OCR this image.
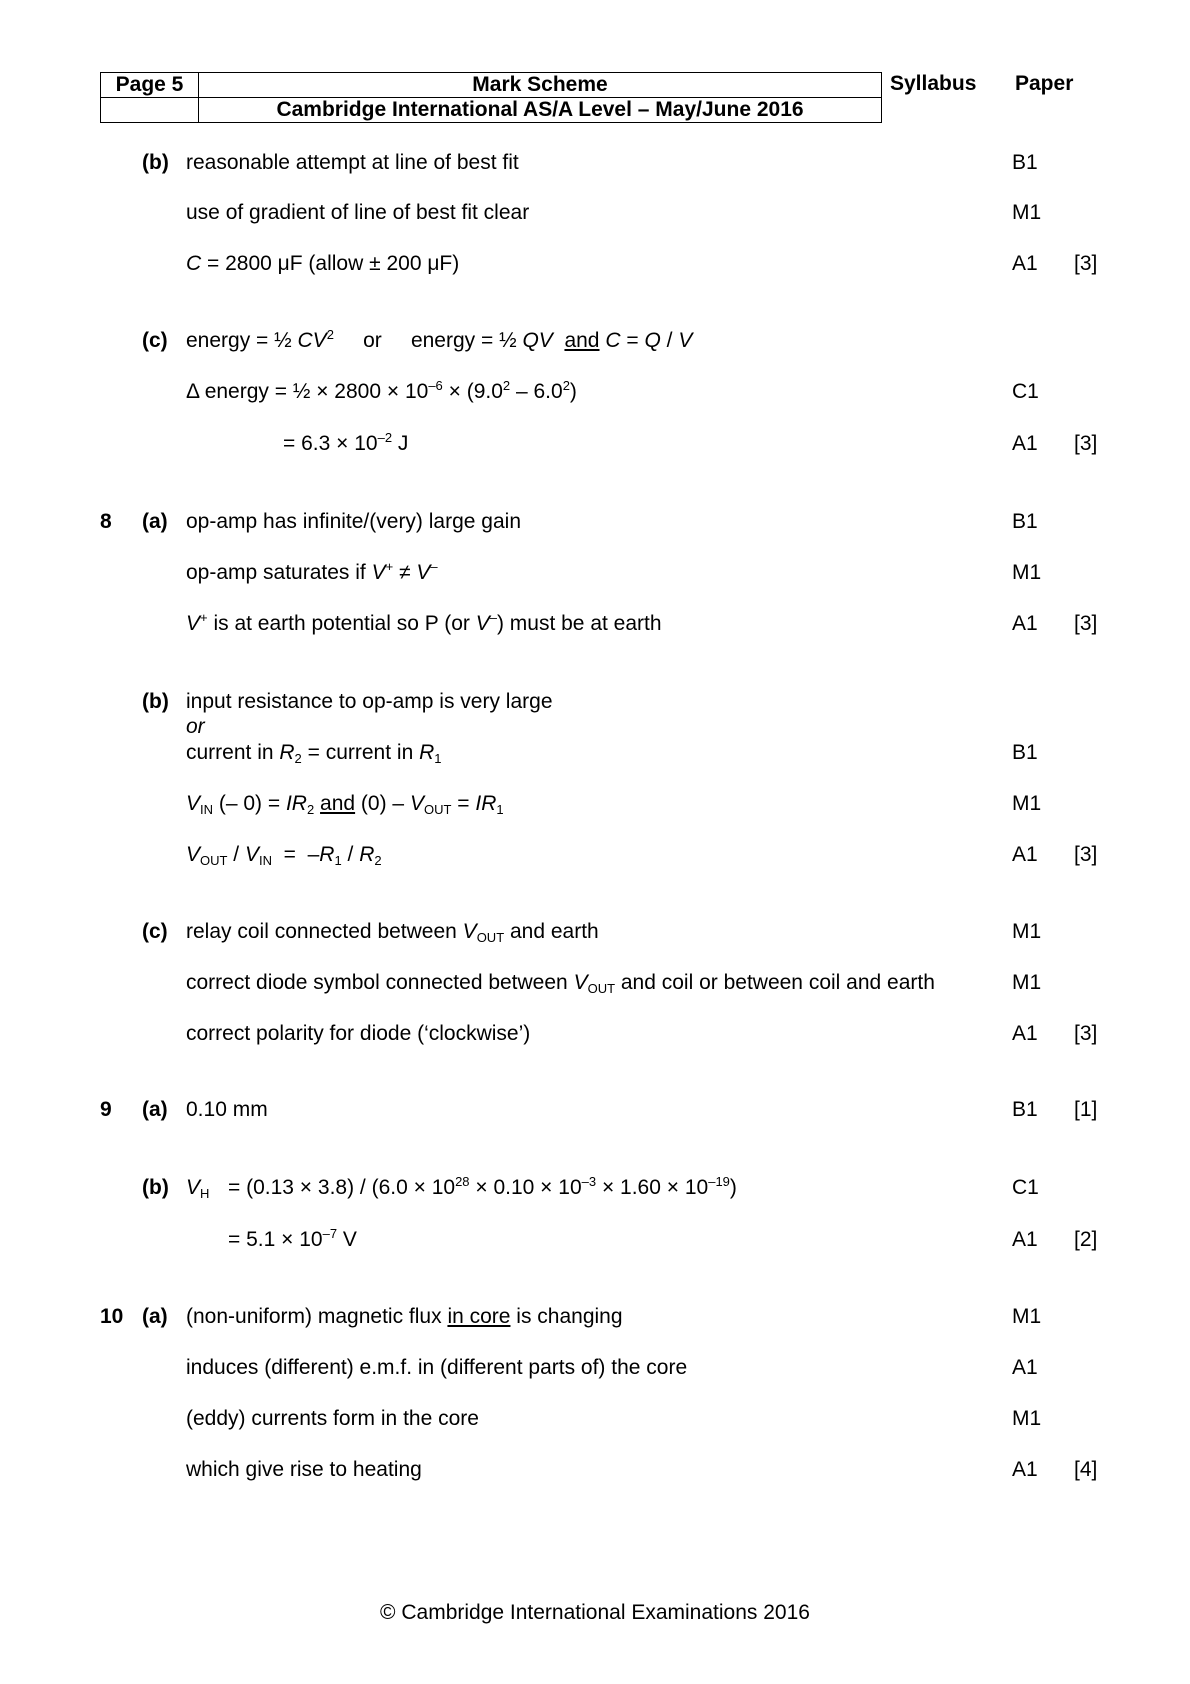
Page 5	Mark Scheme
	Cambridge International AS/A Level – May/June 2016
Syllabus Paper
(b) reasonable attempt at line of best fit	B1
use of gradient of line of best fit clear	M1
C = 2800 μF (allow ± 200 μF)	A1 [3]
(c) energy = ½ $CV^2$     or     energy = ½ QV and C = Q / V
Δ energy = ½ × $2800 \times 10^{-6} \times (9.0^2 - 6.0^2)$	C1
= $6.3 \times 10^{-2}$ J	A1 [3]
8 (a) op-amp has infinite/(very) large gain	B1
op-amp saturates if V+ ≠ V–	M1
V+ is at earth potential so P (or V–) must be at earth	A1 [3]
(b) input resistance to op-amp is very large
or
current in $R_2$ = current in $R_1$	B1
$V_{IN}$ (– $0) = IR_2$ and $(0) - V_{OUT} = IR_1$	M1
$V_{OUT} / V_{IN} = -R_1 / R_2$	A1 [3]
(c) relay coil connected between $V_{OUT}$ and earth	M1
correct diode symbol connected between $V_{OUT}$ and coil or between coil and earth	M1
correct polarity for diode (‘clockwise’)	A1 [3]
9 (a) 0.10 mm	B1 [1]
(b) $V_H = (0.13 \times 3.8) / (6.0 \times 10^{28} \times 0.10 \times 10^{-3} \times 1.60 \times 10^{-19})$	C1
= $5.1 \times 10^{-7}$ V	A1 [2]
10 (a) (non-uniform) magnetic flux in core is changing	M1
induces (different) e.m.f. in (different parts of) the core	A1
(eddy) currents form in the core	M1
which give rise to heating	A1 [4]
© Cambridge International Examinations 2016
